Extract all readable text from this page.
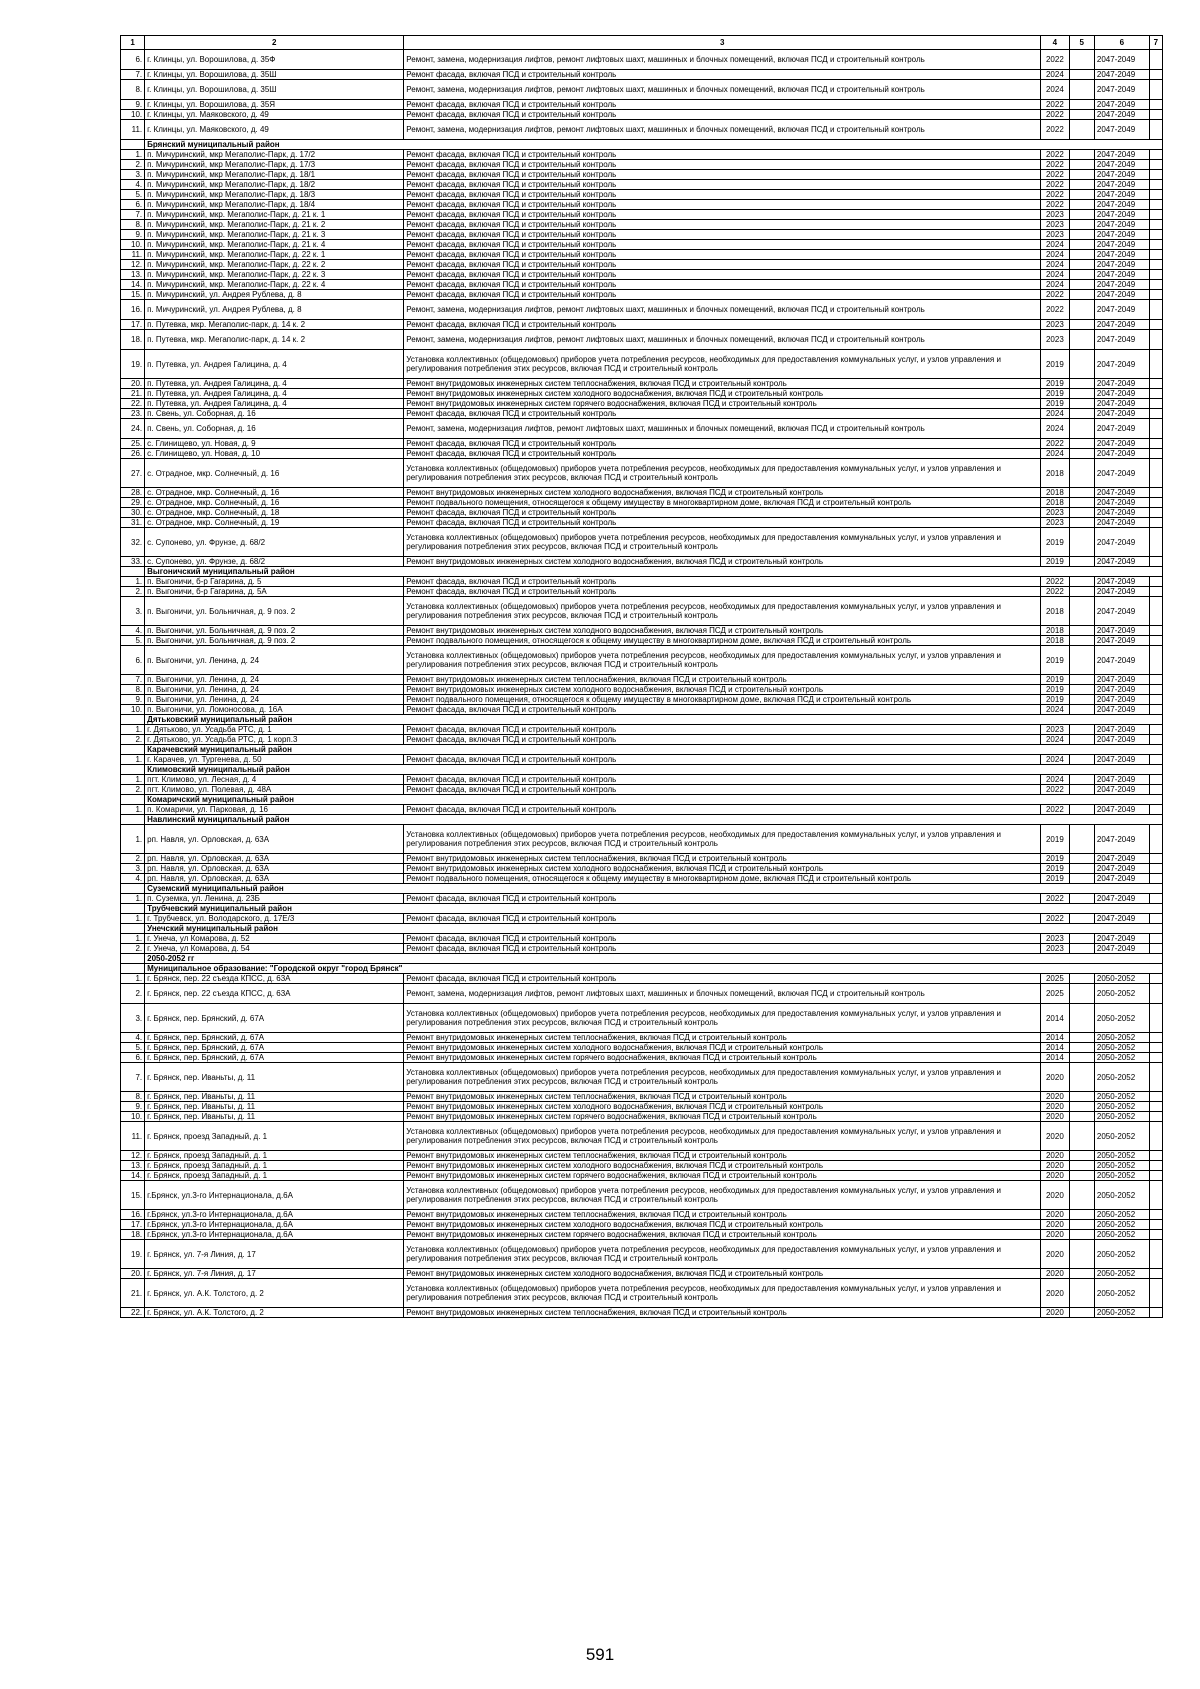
1	2	3	4	5	6	7
6.	г. Клинцы, ул. Ворошилова, д. 35Ф	Ремонт, замена, модернизация лифтов, ремонт лифтовых шахт, машинных и блочных помещений, включая ПСД и строительный контроль	2022		2047-2049	
7.	г. Клинцы, ул. Ворошилова, д. 35Ш	Ремонт фасада, включая ПСД и строительный контроль	2024		2047-2049	
8.	г. Клинцы, ул. Ворошилова, д. 35Ш	Ремонт, замена, модернизация лифтов, ремонт лифтовых шахт, машинных и блочных помещений, включая ПСД и строительный контроль	2024		2047-2049	
9.	г. Клинцы, ул. Ворошилова, д. 35Я	Ремонт фасада, включая ПСД и строительный контроль	2022		2047-2049	
10.	г. Клинцы, ул. Маяковского, д. 49	Ремонт фасада, включая ПСД и строительный контроль	2022		2047-2049	
11.	г. Клинцы, ул. Маяковского, д. 49	Ремонт, замена, модернизация лифтов, ремонт лифтовых шахт, машинных и блочных помещений, включая ПСД и строительный контроль	2022		2047-2049	
	Брянский муниципальный район					
1.	п. Мичуринский, мкр Мегаполис-Парк, д. 17/2	Ремонт фасада, включая ПСД и строительный контроль	2022		2047-2049	
2.	п. Мичуринский, мкр Мегаполис-Парк, д. 17/3	Ремонт фасада, включая ПСД и строительный контроль	2022		2047-2049	
3.	п. Мичуринский, мкр Мегаполис-Парк, д. 18/1	Ремонт фасада, включая ПСД и строительный контроль	2022		2047-2049	
4.	п. Мичуринский, мкр Мегаполис-Парк, д. 18/2	Ремонт фасада, включая ПСД и строительный контроль	2022		2047-2049	
5.	п. Мичуринский, мкр Мегаполис-Парк, д. 18/3	Ремонт фасада, включая ПСД и строительный контроль	2022		2047-2049	
6.	п. Мичуринский, мкр Мегаполис-Парк, д. 18/4	Ремонт фасада, включая ПСД и строительный контроль	2022		2047-2049	
7.	п. Мичуринский, мкр. Мегаполис-Парк, д. 21 к. 1	Ремонт фасада, включая ПСД и строительный контроль	2023		2047-2049	
8.	п. Мичуринский, мкр. Мегаполис-Парк, д. 21 к. 2	Ремонт фасада, включая ПСД и строительный контроль	2023		2047-2049	
9.	п. Мичуринский, мкр. Мегаполис-Парк, д. 21 к. 3	Ремонт фасада, включая ПСД и строительный контроль	2023		2047-2049	
10.	п. Мичуринский, мкр. Мегаполис-Парк, д. 21 к. 4	Ремонт фасада, включая ПСД и строительный контроль	2024		2047-2049	
11.	п. Мичуринский, мкр. Мегаполис-Парк, д. 22 к. 1	Ремонт фасада, включая ПСД и строительный контроль	2024		2047-2049	
12.	п. Мичуринский, мкр. Мегаполис-Парк, д. 22 к. 2	Ремонт фасада, включая ПСД и строительный контроль	2024		2047-2049	
13.	п. Мичуринский, мкр. Мегаполис-Парк, д. 22 к. 3	Ремонт фасада, включая ПСД и строительный контроль	2024		2047-2049	
14.	п. Мичуринский, мкр. Мегаполис-Парк, д. 22 к. 4	Ремонт фасада, включая ПСД и строительный контроль	2024		2047-2049	
15.	п. Мичуринский, ул. Андрея Рублева, д. 8	Ремонт фасада, включая ПСД и строительный контроль	2022		2047-2049	
16.	п. Мичуринский, ул. Андрея Рублева, д. 8	Ремонт, замена, модернизация лифтов, ремонт лифтовых шахт, машинных и блочных помещений, включая ПСД и строительный контроль	2022		2047-2049	
17.	п. Путевка, мкр. Мегаполис-парк, д. 14 к. 2	Ремонт фасада, включая ПСД и строительный контроль	2023		2047-2049	
18.	п. Путевка, мкр. Мегаполис-парк, д. 14 к. 2	Ремонт, замена, модернизация лифтов, ремонт лифтовых шахт, машинных и блочных помещений, включая ПСД и строительный контроль	2023		2047-2049	
19.	п. Путевка, ул. Андрея Галицина, д. 4	Установка коллективных (общедомовых) приборов учета потребления ресурсов, необходимых для предоставления коммунальных услуг, и узлов управления и регулирования потребления этих ресурсов, включая ПСД и строительный контроль	2019		2047-2049	
20.	п. Путевка, ул. Андрея Галицина, д. 4	Ремонт внутридомовых инженерных систем теплоснабжения, включая ПСД и строительный контроль	2019		2047-2049	
21.	п. Путевка, ул. Андрея Галицина, д. 4	Ремонт внутридомовых инженерных систем холодного водоснабжения, включая ПСД и строительный контроль	2019		2047-2049	
22.	п. Путевка, ул. Андрея Галицина, д. 4	Ремонт внутридомовых инженерных систем горячего водоснабжения, включая ПСД и строительный контроль	2019		2047-2049	
23.	п. Свень, ул. Соборная, д. 16	Ремонт фасада, включая ПСД и строительный контроль	2024		2047-2049	
24.	п. Свень, ул. Соборная, д. 16	Ремонт, замена, модернизация лифтов, ремонт лифтовых шахт, машинных и блочных помещений, включая ПСД и строительный контроль	2024		2047-2049	
25.	с. Глинищево, ул. Новая, д. 9	Ремонт фасада, включая ПСД и строительный контроль	2022		2047-2049	
26.	с. Глинищево, ул. Новая, д. 10	Ремонт фасада, включая ПСД и строительный контроль	2024		2047-2049	
27.	с. Отрадное, мкр. Солнечный, д. 16	Установка коллективных (общедомовых) приборов учета потребления ресурсов, необходимых для предоставления коммунальных услуг, и узлов управления и регулирования потребления этих ресурсов, включая ПСД и строительный контроль	2018		2047-2049	
28.	с. Отрадное, мкр. Солнечный, д. 16	Ремонт внутридомовых инженерных систем холодного водоснабжения, включая ПСД и строительный контроль	2018		2047-2049	
29.	с. Отрадное, мкр. Солнечный, д. 16	Ремонт подвального помещения, относящегося к общему имуществу в многоквартирном доме, включая ПСД и строительный контроль	2018		2047-2049	
30.	с. Отрадное, мкр. Солнечный, д. 18	Ремонт фасада, включая ПСД и строительный контроль	2023		2047-2049	
31.	с. Отрадное, мкр. Солнечный, д. 19	Ремонт фасада, включая ПСД и строительный контроль	2023		2047-2049	
32.	с. Супонево, ул. Фрунзе, д. 68/2	Установка коллективных (общедомовых) приборов учета потребления ресурсов, необходимых для предоставления коммунальных услуг, и узлов управления и регулирования потребления этих ресурсов, включая ПСД и строительный контроль	2019		2047-2049	
33.	с. Супонево, ул. Фрунзе, д. 68/2	Ремонт внутридомовых инженерных систем холодного водоснабжения, включая ПСД и строительный контроль	2019		2047-2049	
	Выгоничский муниципальный район					
1.	п. Выгоничи, б-р Гагарина, д. 5	Ремонт фасада, включая ПСД и строительный контроль	2022		2047-2049	
2.	п. Выгоничи, б-р Гагарина, д. 5А	Ремонт фасада, включая ПСД и строительный контроль	2022		2047-2049	
3.	п. Выгоничи, ул. Больничная, д. 9 поз. 2	Установка коллективных (общедомовых) приборов учета потребления ресурсов, необходимых для предоставления коммунальных услуг, и узлов управления и регулирования потребления этих ресурсов, включая ПСД и строительный контроль	2018		2047-2049	
4.	п. Выгоничи, ул. Больничная, д. 9 поз. 2	Ремонт внутридомовых инженерных систем холодного водоснабжения, включая ПСД и строительный контроль	2018		2047-2049	
5.	п. Выгоничи, ул. Больничная, д. 9 поз. 2	Ремонт подвального помещения, относящегося к общему имуществу в многоквартирном доме, включая ПСД и строительный контроль	2018		2047-2049	
6.	п. Выгоничи, ул. Ленина, д. 24	Установка коллективных (общедомовых) приборов учета потребления ресурсов, необходимых для предоставления коммунальных услуг, и узлов управления и регулирования потребления этих ресурсов, включая ПСД и строительный контроль	2019		2047-2049	
7.	п. Выгоничи, ул. Ленина, д. 24	Ремонт внутридомовых инженерных систем теплоснабжения, включая ПСД и строительный контроль	2019		2047-2049	
8.	п. Выгоничи, ул. Ленина, д. 24	Ремонт внутридомовых инженерных систем холодного водоснабжения, включая ПСД и строительный контроль	2019		2047-2049	
9.	п. Выгоничи, ул. Ленина, д. 24	Ремонт подвального помещения, относящегося к общему имуществу в многоквартирном доме, включая ПСД и строительный контроль	2019		2047-2049	
10.	п. Выгоничи, ул. Ломоносова, д. 16А	Ремонт фасада, включая ПСД и строительный контроль	2024		2047-2049	
	Дятьковский муниципальный район					
1.	г. Дятьково, ул. Усадьба РТС, д. 1	Ремонт фасада, включая ПСД и строительный контроль	2023		2047-2049	
2.	г. Дятьково, ул. Усадьба РТС, д. 1 корп.3	Ремонт фасада, включая ПСД и строительный контроль	2024		2047-2049	
	Карачевский муниципальный район					
1.	г. Карачев, ул. Тургенева, д. 50	Ремонт фасада, включая ПСД и строительный контроль	2024		2047-2049	
	Климовский муниципальный район					
1.	пгт. Климово, ул. Лесная, д. 4	Ремонт фасада, включая ПСД и строительный контроль	2024		2047-2049	
2.	пгт. Климово, ул. Полевая, д. 48А	Ремонт фасада, включая ПСД и строительный контроль	2022		2047-2049	
	Комаричский муниципальный район					
1.	п. Комаричи, ул. Парковая, д. 16	Ремонт фасада, включая ПСД и строительный контроль	2022		2047-2049	
	Навлинский муниципальный район					
1.	рп. Навля, ул. Орловская, д. 63А	Установка коллективных (общедомовых) приборов учета потребления ресурсов, необходимых для предоставления коммунальных услуг, и узлов управления и регулирования потребления этих ресурсов, включая ПСД и строительный контроль	2019		2047-2049	
2.	рп. Навля, ул. Орловская, д. 63А	Ремонт внутридомовых инженерных систем теплоснабжения, включая ПСД и строительный контроль	2019		2047-2049	
3.	рп. Навля, ул. Орловская, д. 63А	Ремонт внутридомовых инженерных систем холодного водоснабжения, включая ПСД и строительный контроль	2019		2047-2049	
4.	рп. Навля, ул. Орловская, д. 63А	Ремонт подвального помещения, относящегося к общему имуществу в многоквартирном доме, включая ПСД и строительный контроль	2019		2047-2049	
	Суземский муниципальный район					
1.	п. Суземка, ул. Ленина, д. 23Б	Ремонт фасада, включая ПСД и строительный контроль	2022		2047-2049	
	Трубчевский муниципальный район					
1.	г. Трубчевск, ул. Володарского, д. 17Е/3	Ремонт фасада, включая ПСД и строительный контроль	2022		2047-2049	
	Унечский муниципальный район					
1.	г. Унеча, ул Комарова, д. 52	Ремонт фасада, включая ПСД и строительный контроль	2023		2047-2049	
2.	г. Унеча, ул Комарова, д. 54	Ремонт фасада, включая ПСД и строительный контроль	2023		2047-2049	
	2050-2052 гг					
	Муниципальное образование: "Городской округ "город Брянск"					
1.	г. Брянск, пер. 22 съезда КПСС, д. 63А	Ремонт фасада, включая ПСД и строительный контроль	2025		2050-2052	
2.	г. Брянск, пер. 22 съезда КПСС, д. 63А	Ремонт, замена, модернизация лифтов, ремонт лифтовых шахт, машинных и блочных помещений, включая ПСД и строительный контроль	2025		2050-2052	
3.	г. Брянск, пер. Брянский, д. 67А	Установка коллективных (общедомовых) приборов учета потребления ресурсов, необходимых для предоставления коммунальных услуг, и узлов управления и регулирования потребления этих ресурсов, включая ПСД и строительный контроль	2014		2050-2052	
4.	г. Брянск, пер. Брянский, д. 67А	Ремонт внутридомовых инженерных систем теплоснабжения, включая ПСД и строительный контроль	2014		2050-2052	
5.	г. Брянск, пер. Брянский, д. 67А	Ремонт внутридомовых инженерных систем холодного водоснабжения, включая ПСД и строительный контроль	2014		2050-2052	
6.	г. Брянск, пер. Брянский, д. 67А	Ремонт внутридомовых инженерных систем горячего водоснабжения, включая ПСД и строительный контроль	2014		2050-2052	
7.	г. Брянск, пер. Иваньты, д. 11	Установка коллективных (общедомовых) приборов учета потребления ресурсов, необходимых для предоставления коммунальных услуг, и узлов управления и регулирования потребления этих ресурсов, включая ПСД и строительный контроль	2020		2050-2052	
8.	г. Брянск, пер. Иваньты, д. 11	Ремонт внутридомовых инженерных систем теплоснабжения, включая ПСД и строительный контроль	2020		2050-2052	
9.	г. Брянск, пер. Иваньты, д. 11	Ремонт внутридомовых инженерных систем холодного водоснабжения, включая ПСД и строительный контроль	2020		2050-2052	
10.	г. Брянск, пер. Иваньты, д. 11	Ремонт внутридомовых инженерных систем горячего водоснабжения, включая ПСД и строительный контроль	2020		2050-2052	
11.	г. Брянск, проезд Западный, д. 1	Установка коллективных (общедомовых) приборов учета потребления ресурсов, необходимых для предоставления коммунальных услуг, и узлов управления и регулирования потребления этих ресурсов, включая ПСД и строительный контроль	2020		2050-2052	
12.	г. Брянск, проезд Западный, д. 1	Ремонт внутридомовых инженерных систем теплоснабжения, включая ПСД и строительный контроль	2020		2050-2052	
13.	г. Брянск, проезд Западный, д. 1	Ремонт внутридомовых инженерных систем холодного водоснабжения, включая ПСД и строительный контроль	2020		2050-2052	
14.	г. Брянск, проезд Западный, д. 1	Ремонт внутридомовых инженерных систем горячего водоснабжения, включая ПСД и строительный контроль	2020		2050-2052	
15.	г.Брянск, ул.3-го Интернационала, д.6А	Установка коллективных (общедомовых) приборов учета потребления ресурсов, необходимых для предоставления коммунальных услуг, и узлов управления и регулирования потребления этих ресурсов, включая ПСД и строительный контроль	2020		2050-2052	
16.	г.Брянск, ул.3-го Интернационала, д.6А	Ремонт внутридомовых инженерных систем теплоснабжения, включая ПСД и строительный контроль	2020		2050-2052	
17.	г.Брянск, ул.3-го Интернационала, д.6А	Ремонт внутридомовых инженерных систем холодного водоснабжения, включая ПСД и строительный контроль	2020		2050-2052	
18.	г.Брянск, ул.3-го Интернационала, д.6А	Ремонт внутридомовых инженерных систем горячего водоснабжения, включая ПСД и строительный контроль	2020		2050-2052	
19.	г. Брянск, ул. 7-я Линия, д. 17	Установка коллективных (общедомовых) приборов учета потребления ресурсов, необходимых для предоставления коммунальных услуг, и узлов управления и регулирования потребления этих ресурсов, включая ПСД и строительный контроль	2020		2050-2052	
20.	г. Брянск, ул. 7-я Линия, д. 17	Ремонт внутридомовых инженерных систем холодного водоснабжения, включая ПСД и строительный контроль	2020		2050-2052	
21.	г. Брянск, ул. А.К. Толстого, д. 2	Установка коллективных (общедомовых) приборов учета потребления ресурсов, необходимых для предоставления коммунальных услуг, и узлов управления и регулирования потребления этих ресурсов, включая ПСД и строительный контроль	2020		2050-2052	
22.	г. Брянск, ул. А.К. Толстого, д. 2	Ремонт внутридомовых инженерных систем теплоснабжения, включая ПСД и строительный контроль	2020		2050-2052	
591
